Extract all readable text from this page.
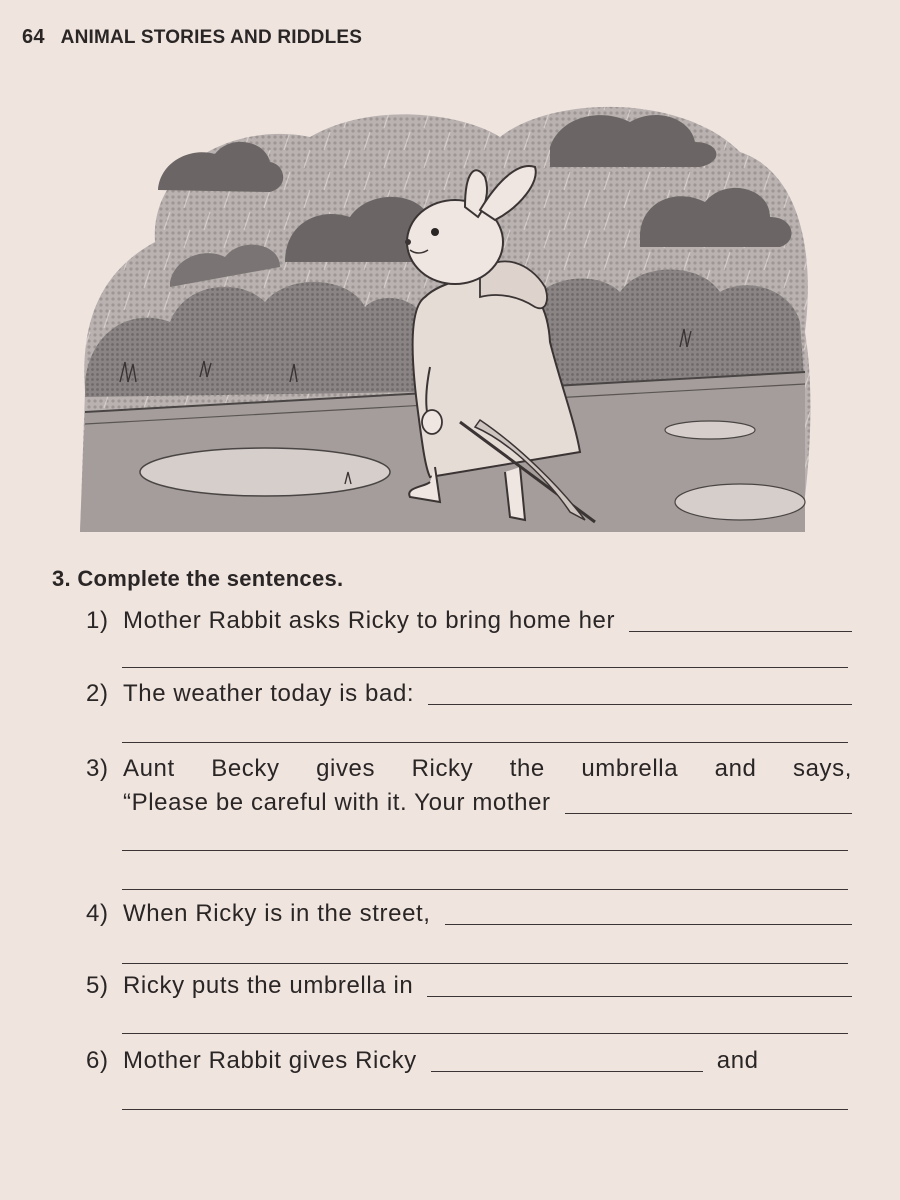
64 ANIMAL STORIES AND RIDDLES
3. Complete the sentences.
1) Mother Rabbit asks Ricky to bring home her
2) The weather today is bad:
3) Aunt Becky gives Ricky the umbrella and says,
“Please be careful with it. Your mother
4) When Ricky is in the street,
5) Ricky puts the umbrella in
6) Mother Rabbit gives Ricky	and
